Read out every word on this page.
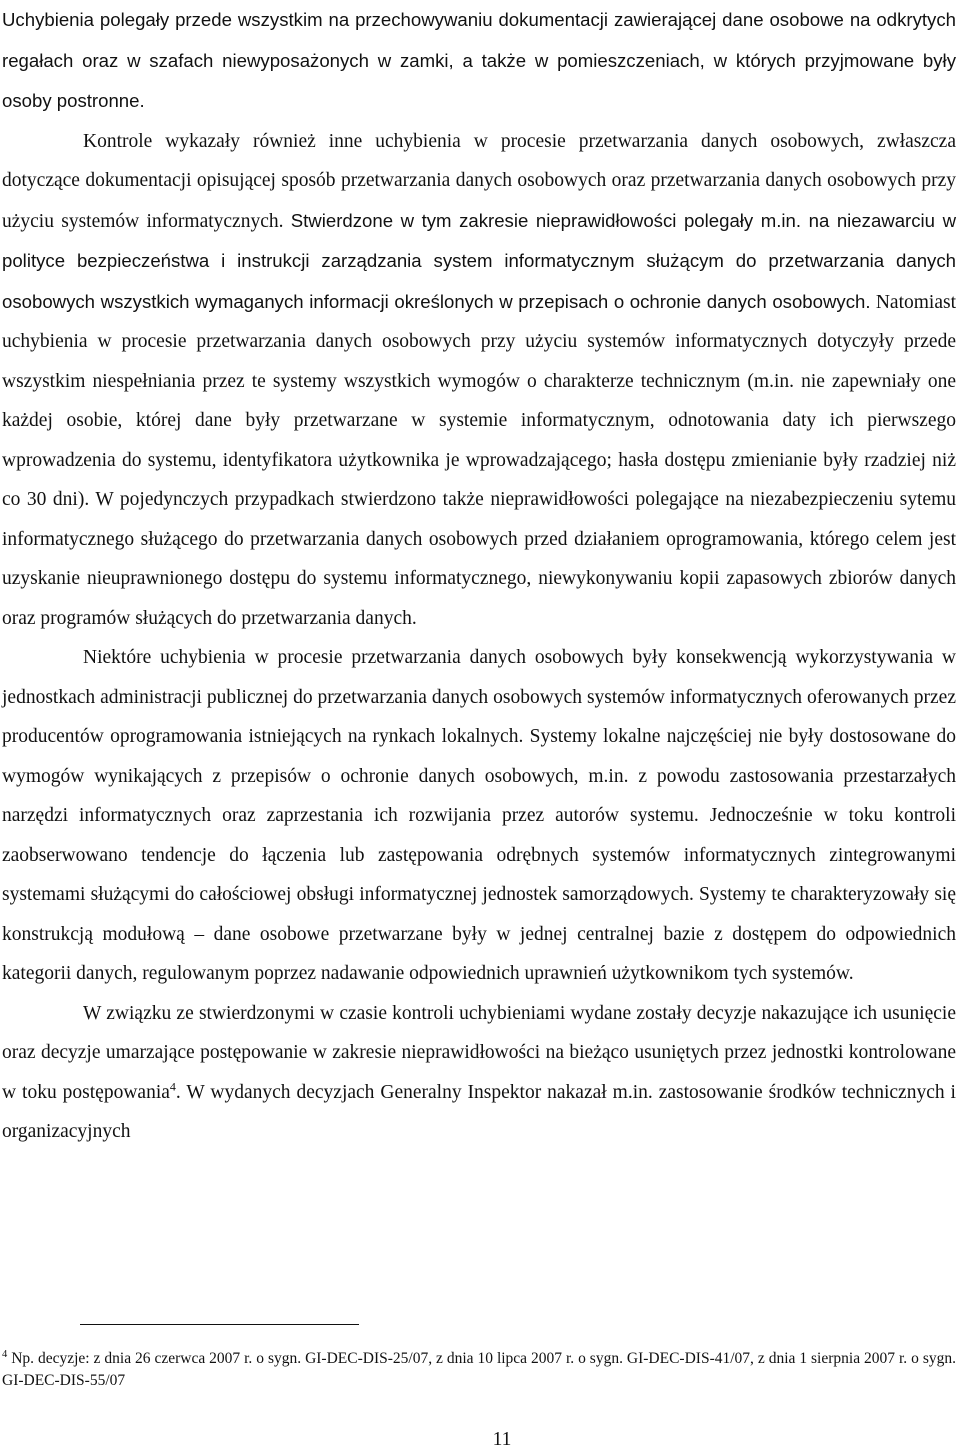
Uchybienia polegały przede wszystkim na przechowywaniu dokumentacji zawierającej dane osobowe na odkrytych regałach oraz w szafach niewyposażonych w zamki, a także w pomieszczeniach, w których przyjmowane były osoby postronne.

Kontrole wykazały również inne uchybienia w procesie przetwarzania danych osobowych, zwłaszcza dotyczące dokumentacji opisującej sposób przetwarzania danych osobowych oraz przetwarzania danych osobowych przy użyciu systemów informatycznych. Stwierdzone w tym zakresie nieprawidłowości polegały m.in. na niezawarciu w polityce bezpieczeństwa i instrukcji zarządzania system informatycznym służącym do przetwarzania danych osobowych wszystkich wymaganych informacji określonych w przepisach o ochronie danych osobowych. Natomiast uchybienia w procesie przetwarzania danych osobowych przy użyciu systemów informatycznych dotyczyły przede wszystkim niespełniania przez te systemy wszystkich wymogów o charakterze technicznym (m.in. nie zapewniały one każdej osobie, której dane były przetwarzane w systemie informatycznym, odnotowania daty ich pierwszego wprowadzenia do systemu, identyfikatora użytkownika je wprowadzającego; hasła dostępu zmienianie były rzadziej niż co 30 dni). W pojedynczych przypadkach stwierdzono także nieprawidłowości polegające na niezabezpieczeniu sytemu informatycznego służącego do przetwarzania danych osobowych przed działaniem oprogramowania, którego celem jest uzyskanie nieuprawnionego dostępu do systemu informatycznego, niewykonywaniu kopii zapasowych zbiorów danych oraz programów służących do przetwarzania danych.

Niektóre uchybienia w procesie przetwarzania danych osobowych były konsekwencją wykorzystywania w jednostkach administracji publicznej do przetwarzania danych osobowych systemów informatycznych oferowanych przez producentów oprogramowania istniejących na rynkach lokalnych. Systemy lokalne najczęściej nie były dostosowane do wymogów wynikających z przepisów o ochronie danych osobowych, m.in. z powodu zastosowania przestarzałych narzędzi informatycznych oraz zaprzestania ich rozwijania przez autorów systemu. Jednocześnie w toku kontroli zaobserwowano tendencje do łączenia lub zastępowania odrębnych systemów informatycznych zintegrowanymi systemami służącymi do całościowej obsługi informatycznej jednostek samorządowych. Systemy te charakteryzowały się konstrukcją modułową – dane osobowe przetwarzane były w jednej centralnej bazie z dostępem do odpowiednich kategorii danych, regulowanym poprzez nadawanie odpowiednich uprawnień użytkownikom tych systemów.

W związku ze stwierdzonymi w czasie kontroli uchybieniami wydane zostały decyzje nakazujące ich usunięcie oraz decyzje umarzające postępowanie w zakresie nieprawidłowości na bieżąco usuniętych przez jednostki kontrolowane w toku postępowania$^4$. W wydanych decyzjach Generalny Inspektor nakazał m.in. zastosowanie środków technicznych i organizacyjnych

$^4$ Np. decyzje: z dnia 26 czerwca 2007 r. o sygn. GI-DEC-DIS-25/07, z dnia 10 lipca 2007 r. o sygn. GI-DEC-DIS-41/07, z dnia 1 sierpnia 2007 r. o sygn. GI-DEC-DIS-55/07
11
